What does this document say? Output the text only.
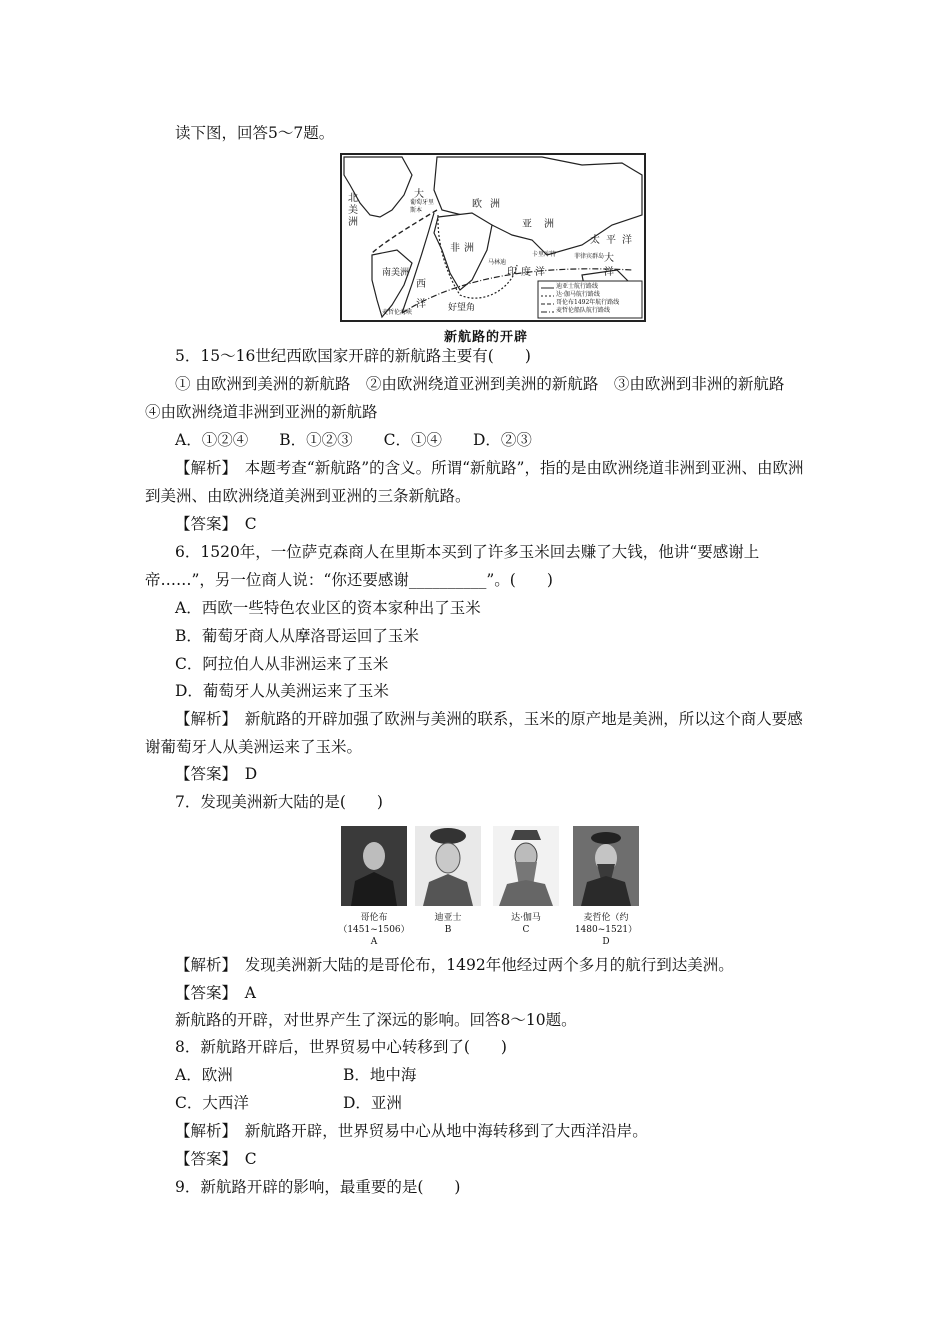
读下图，回答5～7题。
迪亚士航行路线
达·伽马航行路线
哥伦布1492年航行路线
麦哲伦船队航行路线
北美洲
大
葡萄牙里斯本
欧洲
亚洲
非洲
太平洋
南美洲
西
洋
印度洋
好望角
麦哲伦海峡
菲律宾群岛
卡里库特
马林迪	大
洋
新航路的开辟
5．15～16世纪西欧国家开辟的新航路主要有(　　)
① 由欧洲到美洲的新航路　②由欧洲绕道亚洲到美洲的新航路　③由欧洲到非洲的新航路　④由欧洲绕道非洲到亚洲的新航路
A．①②④　　B．①②③　　C．①④　　D．②③
【解析】　 本题考查“新航路”的含义。所谓“新航路”，指的是由欧洲绕道非洲到亚洲、由欧洲到美洲、由欧洲绕道美洲到亚洲的三条新航路。
【答案】　 C
6．1520年，一位萨克森商人在里斯本买到了许多玉米回去赚了大钱，他讲“要感谢上帝……”，另一位商人说：“你还要感谢__________”。(　　)
A．西欧一些特色农业区的资本家种出了玉米
B．葡萄牙商人从摩洛哥运回了玉米
C．阿拉伯人从非洲运来了玉米
D．葡萄牙人从美洲运来了玉米
【解析】　 新航路的开辟加强了欧洲与美洲的联系，玉米的原产地是美洲，所以这个商人要感谢葡萄牙人从美洲运来了玉米。
【答案】　 D
7．发现美洲新大陆的是(　　)
哥伦布（1451~1506）
A
迪亚士
B
达·伽马
C
麦哲伦（约1480~1521）
D
【解析】　 发现美洲新大陆的是哥伦布，1492年他经过两个多月的航行到达美洲。
【答案】　 A
新航路的开辟，对世界产生了深远的影响。回答8～10题。
8．新航路开辟后，世界贸易中心转移到了(　　)
A．欧洲	B．地中海
C．大西洋	D．亚洲
【解析】　 新航路开辟，世界贸易中心从地中海转移到了大西洋沿岸。
【答案】　 C
9．新航路开辟的影响，最重要的是(　　)
